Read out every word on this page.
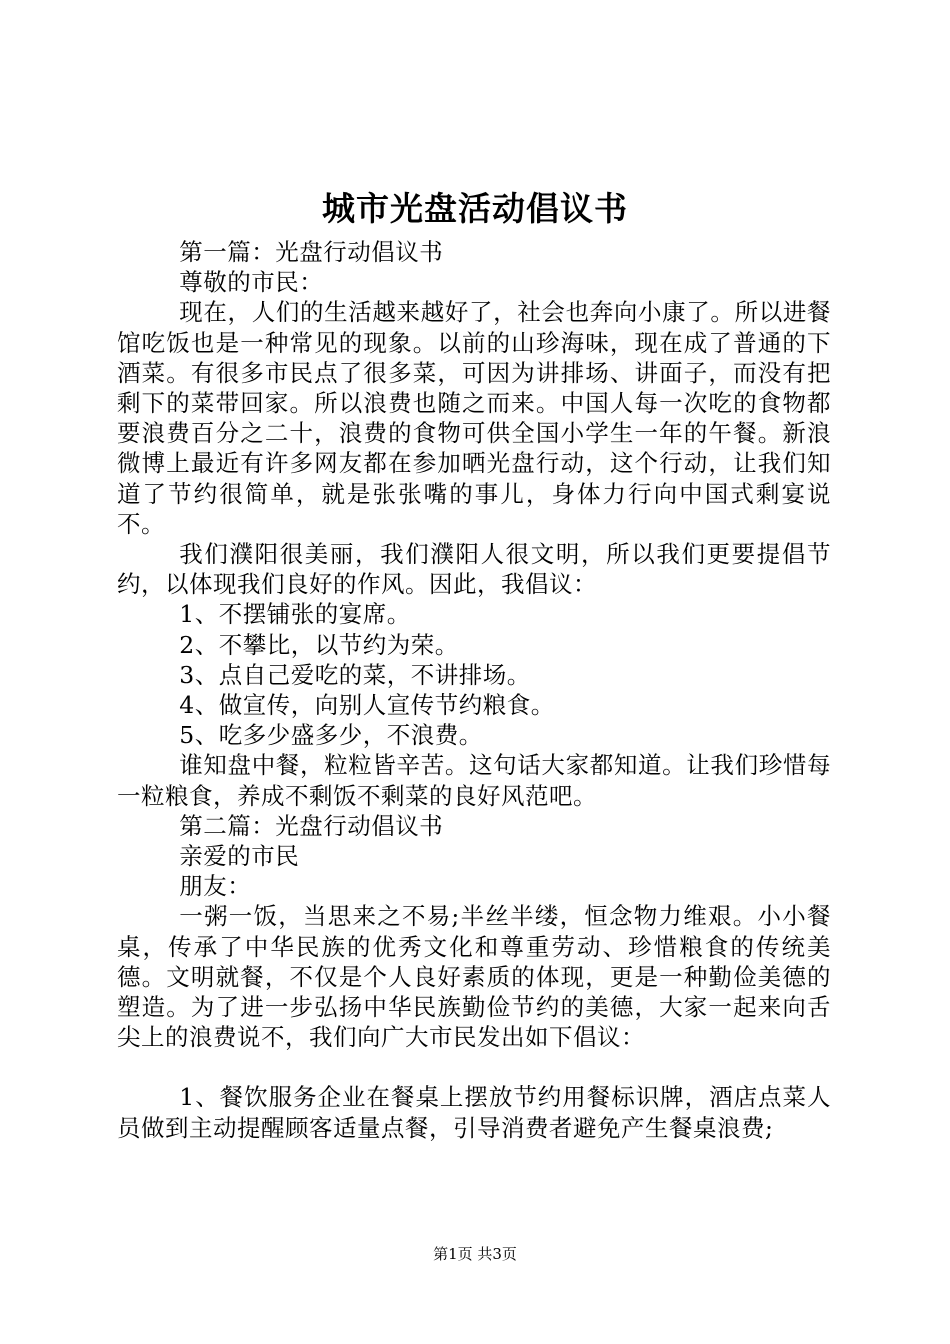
城市光盘活动倡议书

第一篇：光盘行动倡议书

尊敬的市民：

现在，人们的生活越来越好了，社会也奔向小康了。所以进餐馆吃饭也是一种常见的现象。以前的山珍海味，现在成了普通的下酒菜。有很多市民点了很多菜，可因为讲排场、讲面子，而没有把剩下的菜带回家。所以浪费也随之而来。中国人每一次吃的食物都要浪费百分之二十，浪费的食物可供全国小学生一年的午餐。新浪微博上最近有许多网友都在参加晒光盘行动，这个行动，让我们知道了节约很简单，就是张张嘴的事儿，身体力行向中国式剩宴说不。

我们濮阳很美丽，我们濮阳人很文明，所以我们更要提倡节约，以体现我们良好的作风。因此，我倡议：

1、不摆铺张的宴席。

2、不攀比，以节约为荣。

3、点自己爱吃的菜，不讲排场。

4、做宣传，向别人宣传节约粮食。

5、吃多少盛多少，不浪费。

谁知盘中餐，粒粒皆辛苦。这句话大家都知道。让我们珍惜每一粒粮食，养成不剩饭不剩菜的良好风范吧。

第二篇：光盘行动倡议书

亲爱的市民

朋友：

一粥一饭，当思来之不易;半丝半缕，恒念物力维艰。小小餐桌，传承了中华民族的优秀文化和尊重劳动、珍惜粮食的传统美德。文明就餐，不仅是个人良好素质的体现，更是一种勤俭美德的塑造。为了进一步弘扬中华民族勤俭节约的美德，大家一起来向舌尖上的浪费说不，我们向广大市民发出如下倡议：

1、餐饮服务企业在餐桌上摆放节约用餐标识牌，酒店点菜人员做到主动提醒顾客适量点餐，引导消费者避免产生餐桌浪费;

第1页 共3页
